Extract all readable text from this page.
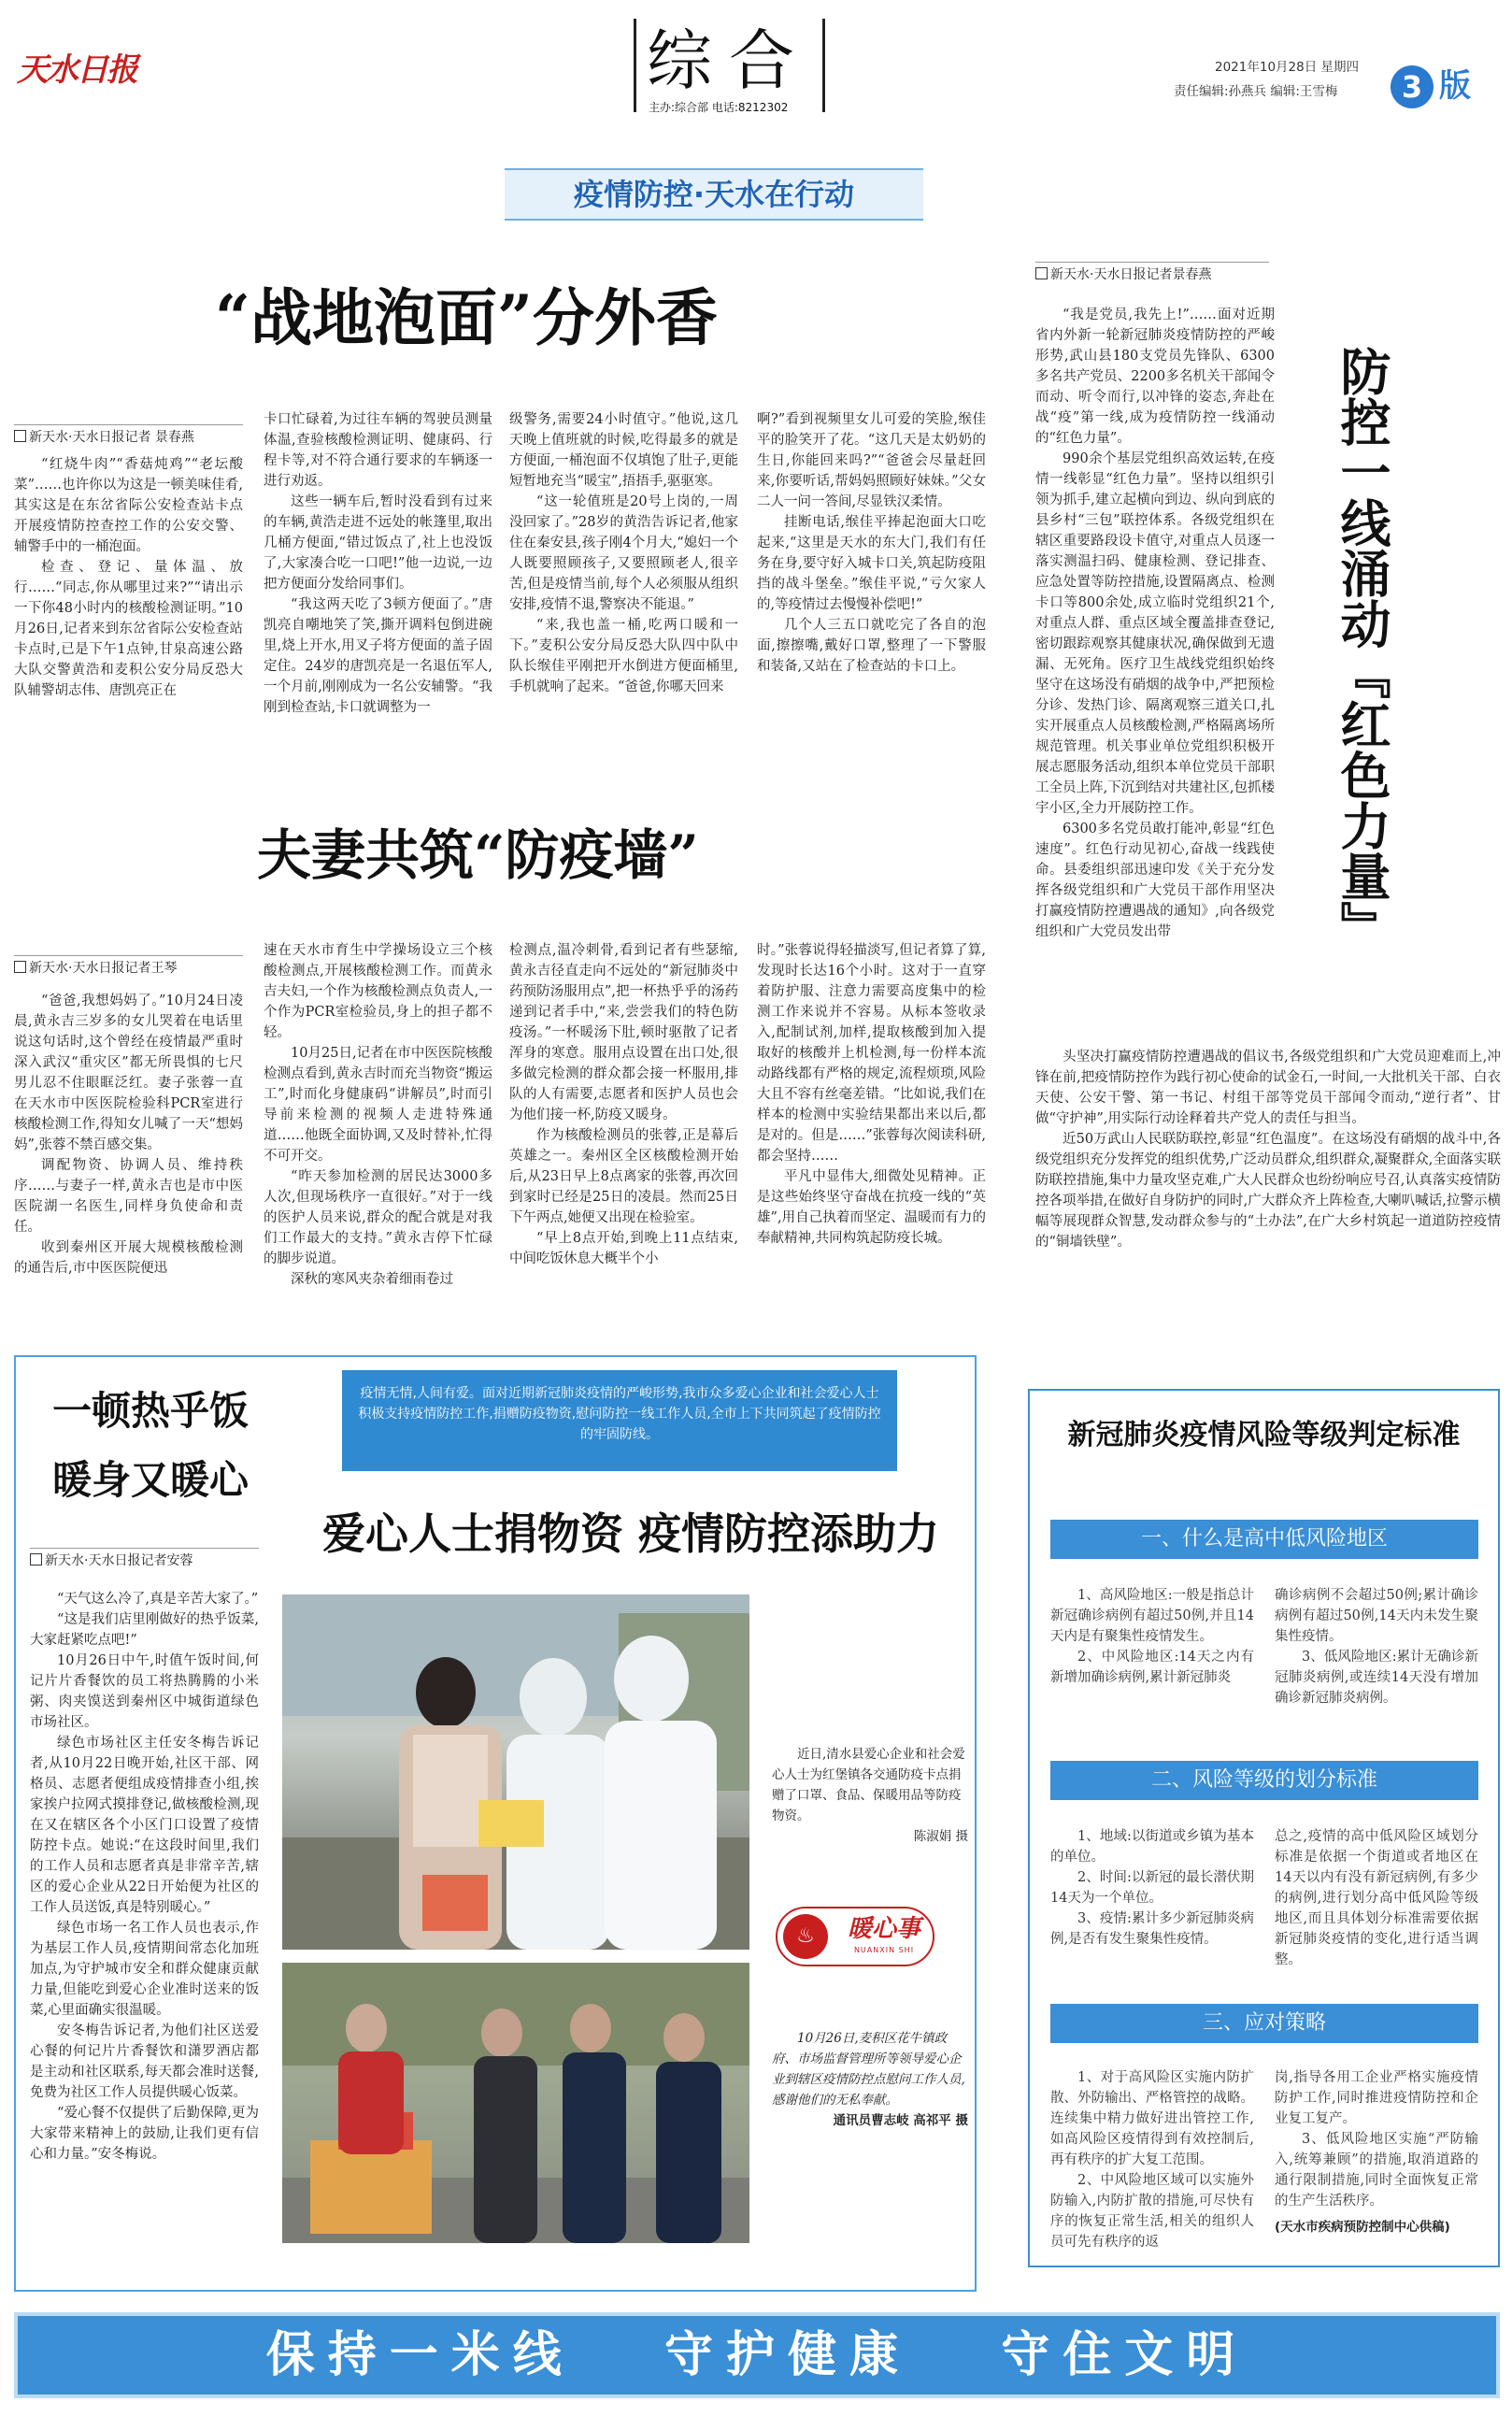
天水日报	综合
主办:综合部 电话:8212302
2021年10月28日 星期四
责任编辑:孙燕兵 编辑:王雪梅	3 版
疫情防控·天水在行动
“战地泡面”分外香
新天水·天水日报记者 景春燕

“红烧牛肉”“香菇炖鸡”“老坛酸菜”……也许你以为这是一顿美味佳肴,其实这是在东岔省际公安检查站卡点开展疫情防控查控工作的公安交警、辅警手中的一桶泡面。

检查、登记、量体温、放行……“同志,你从哪里过来?”“请出示一下你48小时内的核酸检测证明。”10月26日,记者来到东岔省际公安检查站卡点时,已是下午1点钟,甘泉高速公路大队交警黄浩和麦积公安分局反恐大队辅警胡志伟、唐凯亮正在

卡口忙碌着,为过往车辆的驾驶员测量体温,查验核酸检测证明、健康码、行程卡等,对不符合通行要求的车辆逐一进行劝返。

这些一辆车后,暂时没看到有过来的车辆,黄浩走进不远处的帐篷里,取出几桶方便面,“错过饭点了,社上也没饭了,大家凑合吃一口吧!”他一边说,一边把方便面分发给同事们。

“我这两天吃了3顿方便面了。”唐凯亮自嘲地笑了笑,撕开调料包倒进碗里,烧上开水,用叉子将方便面的盖子固定住。24岁的唐凯亮是一名退伍军人,一个月前,刚刚成为一名公安辅警。“我刚到检查站,卡口就调整为一

级警务,需要24小时值守。”他说,这几天晚上值班就的时候,吃得最多的就是方便面,一桶泡面不仅填饱了肚子,更能短暂地充当“暖宝”,捂捂手,驱驱寒。

“这一轮值班是20号上岗的,一周没回家了。”28岁的黄浩告诉记者,他家住在秦安县,孩子刚4个月大,“媳妇一个人既要照顾孩子,又要照顾老人,很辛苦,但是疫情当前,每个人必须服从组织安排,疫情不退,警察决不能退。”

“来,我也盖一桶,吃两口暖和一下。”麦积公安分局反恐大队四中队中队长缑佳平刚把开水倒进方便面桶里,手机就响了起来。“爸爸,你哪天回来

啊?”看到视频里女儿可爱的笑脸,缑佳平的脸笑开了花。“这几天是太奶奶的生日,你能回来吗?”“爸爸会尽量赶回来,你要听话,帮妈妈照顾好妹妹。”父女二人一问一答间,尽显铁汉柔情。

挂断电话,缑佳平捧起泡面大口吃起来,“这里是天水的东大门,我们有任务在身,要守好入城卡口关,筑起防疫阻挡的战斗堡垒。”缑佳平说,“亏欠家人的,等疫情过去慢慢补偿吧!”

几个人三五口就吃完了各自的泡面,擦擦嘴,戴好口罩,整理了一下警服和装备,又站在了检查站的卡口上。

夫妻共筑“防疫墙”
新天水·天水日报记者王琴

“爸爸,我想妈妈了。”10月24日凌晨,黄永吉三岁多的女儿哭着在电话里说这句话时,这个曾经在疫情最严重时深入武汉“重灾区”都无所畏惧的七尺男儿忍不住眼眶泛红。妻子张蓉一直在天水市中医医院检验科PCR室进行核酸检测工作,得知女儿喊了一天“想妈妈”,张蓉不禁百感交集。

调配物资、协调人员、维持秩序……与妻子一样,黄永吉也是市中医医院湖一名医生,同样身负使命和责任。

收到秦州区开展大规模核酸检测的通告后,市中医医院便迅

速在天水市育生中学操场设立三个核酸检测点,开展核酸检测工作。而黄永吉夫妇,一个作为核酸检测点负责人,一个作为PCR室检验员,身上的担子都不轻。

10月25日,记者在市中医医院核酸检测点看到,黄永吉时而充当物资“搬运工”,时而化身健康码“讲解员”,时而引导前来检测的视频人走进特殊通道……他既全面协调,又及时替补,忙得不可开交。

“昨天参加检测的居民达3000多人次,但现场秩序一直很好。”对于一线的医护人员来说,群众的配合就是对我们工作最大的支持。”黄永吉停下忙碌的脚步说道。

深秋的寒风夹杂着细雨卷过

检测点,温冷刺骨,看到记者有些瑟缩,黄永吉径直走向不远处的“新冠肺炎中药预防汤服用点”,把一杯热乎乎的汤药递到记者手中,“来,尝尝我们的特色防疫汤。”一杯暖汤下肚,顿时驱散了记者浑身的寒意。服用点设置在出口处,很多做完检测的群众都会接一杯服用,排队的人有需要,志愿者和医护人员也会为他们接一杯,防疫又暖身。

作为核酸检测员的张蓉,正是幕后英雄之一。秦州区全区核酸检测开始后,从23日早上8点离家的张蓉,再次回到家时已经是25日的凌晨。然而25日下午两点,她便又出现在检验室。

“早上8点开始,到晚上11点结束,中间吃饭休息大概半个小

时。”张蓉说得轻描淡写,但记者算了算,发现时长达16个小时。这对于一直穿着防护服、注意力需要高度集中的检测工作来说并不容易。从标本签收录入,配制试剂,加样,提取核酸到加入提取好的核酸并上机检测,每一份样本流动路线都有严格的规定,流程烦琐,风险大且不容有丝毫差错。“比如说,我们在样本的检测中实验结果都出来以后,都是对的。但是……”张蓉每次阅读科研,都会坚持……

平凡中显伟大,细微处见精神。正是这些始终坚守奋战在抗疫一线的“英雄”,用自己执着而坚定、温暖而有力的奉献精神,共同构筑起防疫长城。

新天水·天水日报记者景春燕

“我是党员,我先上!”……面对近期省内外新一轮新冠肺炎疫情防控的严峻形势,武山县180支党员先锋队、6300多名共产党员、2200多名机关干部闻令而动、听令而行,以冲锋的姿态,奔赴在战“疫”第一线,成为疫情防控一线涌动的“红色力量”。

990余个基层党组织高效运转,在疫情一线彰显“红色力量”。坚持以组织引领为抓手,建立起横向到边、纵向到底的县乡村“三包”联控体系。各级党组织在辖区重要路段设卡值守,对重点人员逐一落实测温扫码、健康检测、登记排查、应急处置等防控措施,设置隔离点、检测卡口等800余处,成立临时党组织21个,对重点人群、重点区域全覆盖排查登记,密切跟踪观察其健康状况,确保做到无遗漏、无死角。医疗卫生战线党组织始终坚守在这场没有硝烟的战争中,严把预检分诊、发热门诊、隔离观察三道关口,扎实开展重点人员核酸检测,严格隔离场所规范管理。机关事业单位党组织积极开展志愿服务活动,组织本单位党员干部职工全员上阵,下沉到结对共建社区,包抓楼宇小区,全力开展防控工作。

6300多名党员敢打能冲,彰显“红色速度”。红色行动见初心,奋战一线践使命。县委组织部迅速印发《关于充分发挥各级党组织和广大党员干部作用坚决打赢疫情防控遭遇战的通知》,向各级党组织和广大党员发出带	防控一线涌动『红色力量』

头坚决打赢疫情防控遭遇战的倡议书,各级党组织和广大党员迎难而上,冲锋在前,把疫情防控作为践行初心使命的试金石,一时间,一大批机关干部、白衣天使、公安干警、第一书记、村组干部等党员干部闻令而动,“逆行者”、甘做“守护神”,用实际行动诠释着共产党人的责任与担当。

近50万武山人民联防联控,彰显“红色温度”。在这场没有硝烟的战斗中,各级党组织充分发挥党的组织优势,广泛动员群众,组织群众,凝聚群众,全面落实联防联控措施,集中力量攻坚克难,广大人民群众也纷纷响应号召,认真落实疫情防控各项举措,在做好自身防护的同时,广大群众齐上阵检查,大喇叭喊话,拉警示横幅等展现群众智慧,发动群众参与的“土办法”,在广大乡村筑起一道道防控疫情的“铜墙铁壁”。

一顿热乎饭
暖身又暖心
新天水·天水日报记者安蓉

“天气这么冷了,真是辛苦大家了。”

“这是我们店里刚做好的热乎饭菜,大家赶紧吃点吧!”

10月26日中午,时值午饭时间,何记片片香餐饮的员工将热腾腾的小米粥、肉夹馍送到秦州区中城街道绿色市场社区。

绿色市场社区主任安冬梅告诉记者,从10月22日晚开始,社区干部、网格员、志愿者便组成疫情排查小组,挨家挨户拉网式摸排登记,做核酸检测,现在又在辖区各个小区门口设置了疫情防控卡点。她说:“在这段时间里,我们的工作人员和志愿者真是非常辛苦,辖区的爱心企业从22日开始便为社区的工作人员送饭,真是特别暖心。”

绿色市场一名工作人员也表示,作为基层工作人员,疫情期间常态化加班加点,为守护城市安全和群众健康贡献力量,但能吃到爱心企业准时送来的饭菜,心里面确实很温暖。

安冬梅告诉记者,为他们社区送爱心餐的何记片片香餐饮和潇罗酒店都是主动和社区联系,每天都会准时送餐,免费为社区工作人员提供暖心饭菜。

“爱心餐不仅提供了后勤保障,更为大家带来精神上的鼓励,让我们更有信心和力量。”安冬梅说。

疫情无情,人间有爱。面对近期新冠肺炎疫情的严峻形势,我市众多爱心企业和社会爱心人士积极支持疫情防控工作,捐赠防疫物资,慰问防控一线工作人员,全市上下共同筑起了疫情防控的牢固防线。
爱心人士捐物资 疫情防控添助力
近日,清水县爱心企业和社会爱心人士为红堡镇各交通防疫卡点捐赠了口罩、食品、保暖用品等防疫物资。
陈淑娟 摄
♨	暖心事
NUANXIN SHI
10月26日,麦积区花牛镇政府、市场监督管理所等领导爱心企业到辖区疫情防控点慰问工作人员,感谢他们的无私奉献。
通讯员曹志岐 高祁平 摄
新冠肺炎疫情风险等级判定标准
一、什么是高中低风险地区

1、高风险地区:一般是指总计新冠确诊病例有超过50例,并且14天内是有聚集性疫情发生。

2、中风险地区:14天之内有新增加确诊病例,累计新冠肺炎

确诊病例不会超过50例;累计确诊病例有超过50例,14天内未发生聚集性疫情。

3、低风险地区:累计无确诊新冠肺炎病例,或连续14天没有增加确诊新冠肺炎病例。

二、风险等级的划分标准

1、地域:以街道或乡镇为基本的单位。

2、时间:以新冠的最长潜伏期14天为一个单位。

3、疫情:累计多少新冠肺炎病例,是否有发生聚集性疫情。

总之,疫情的高中低风险区域划分标准是依据一个街道或者地区在14天以内有没有新冠病例,有多少的病例,进行划分高中低风险等级地区,而且具体划分标准需要依据新冠肺炎疫情的变化,进行适当调整。

三、应对策略

1、对于高风险区实施内防扩散、外防输出、严格管控的战略。连续集中精力做好进出管控工作,如高风险区疫情得到有效控制后,再有秩序的扩大复工范围。

2、中风险地区域可以实施外防输入,内防扩散的措施,可尽快有序的恢复正常生活,相关的组织人员可先有秩序的返

岗,指导各用工企业严格实施疫情防护工作,同时推进疫情防控和企业复工复产。

3、低风险地区实施“严防输入,统筹兼顾”的措施,取消道路的通行限制措施,同时全面恢复正常的生产生活秩序。

(天水市疾病预防控制中心供稿)
保持一米线   守护健康   守住文明
